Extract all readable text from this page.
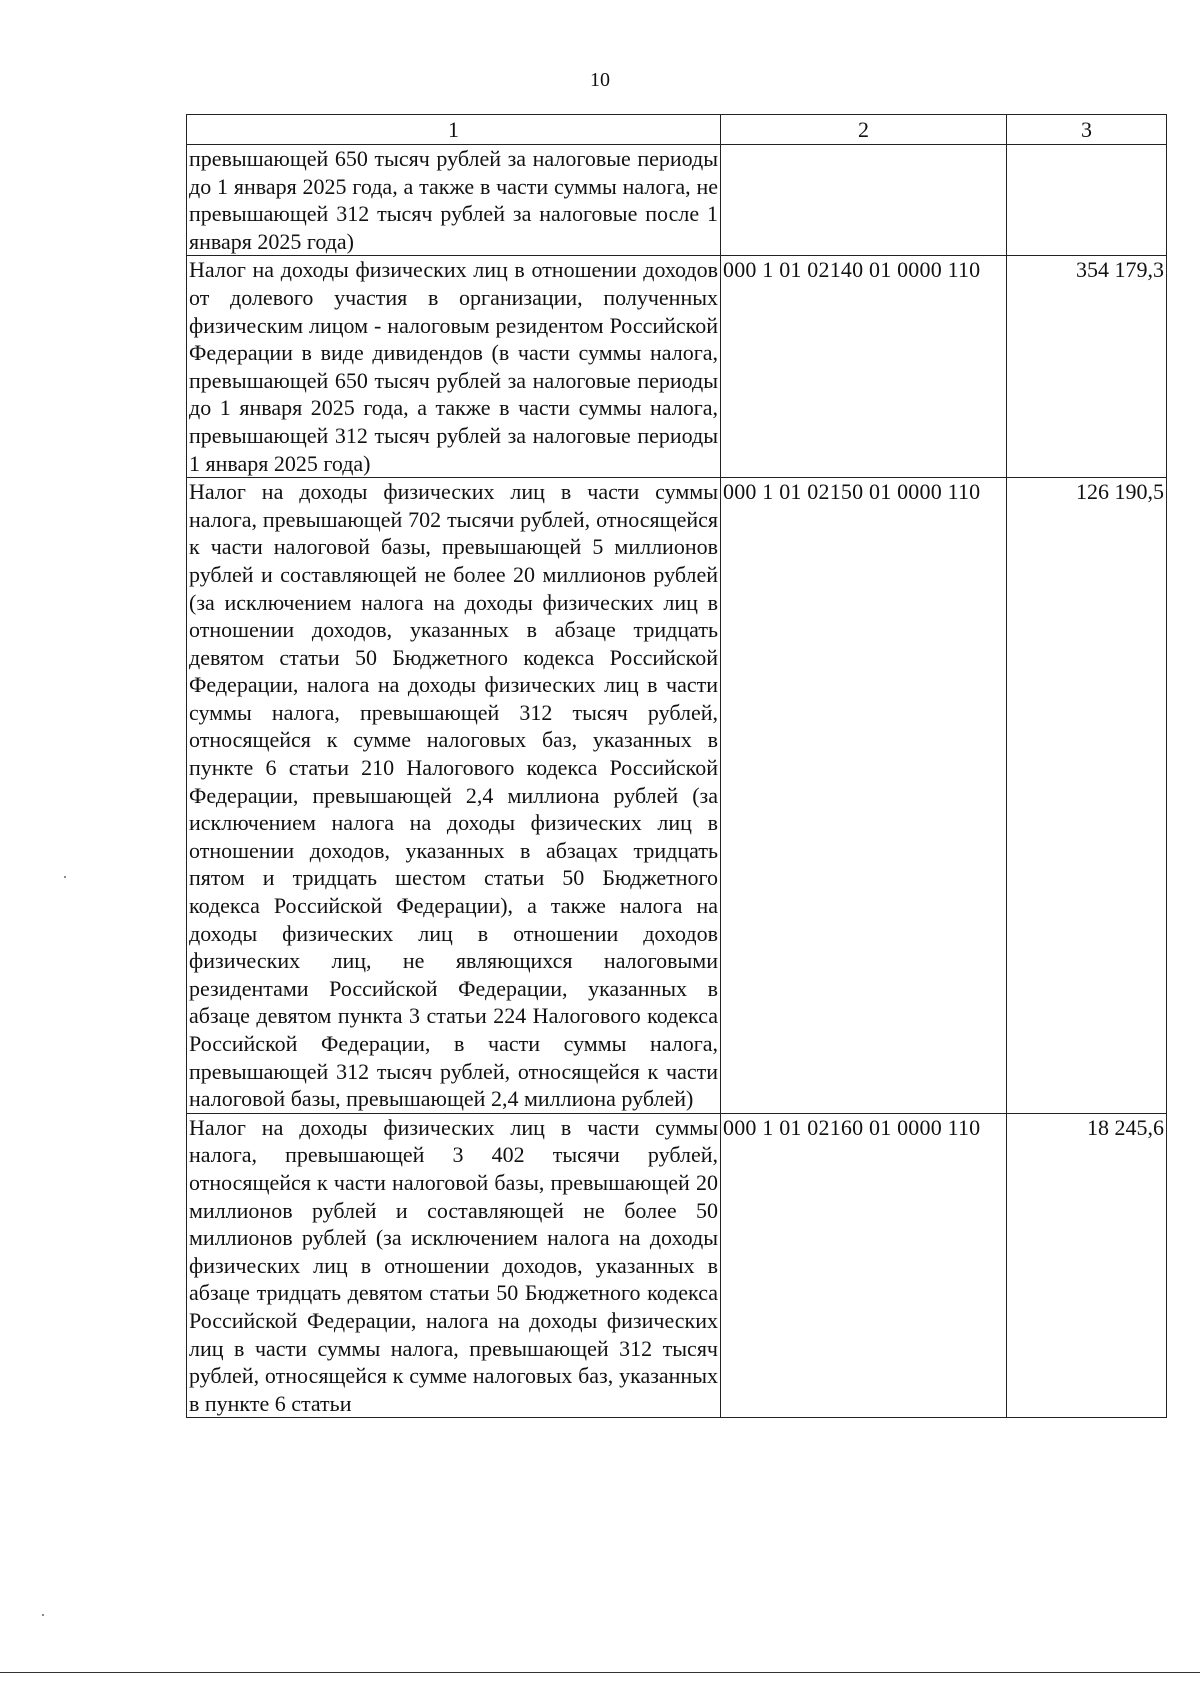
10
1	2	3
превышающей 650 тысяч рублей за налоговые периоды до 1 января 2025 года, а также в части суммы налога, не превышающей 312 тысяч рублей за налоговые после 1 января 2025 года)		
Налог на доходы физических лиц в отношении доходов от долевого участия в организации, полученных физическим лицом - налоговым резидентом Российской Федерации в виде дивидендов (в части суммы налога, превышающей 650 тысяч рублей за налоговые периоды до 1 января 2025 года, а также в части суммы налога, превышающей 312 тысяч рублей за налоговые периоды 1 января 2025 года)	000 1 01 02140 01 0000 110	354 179,3
Налог на доходы физических лиц в части суммы налога, превышающей 702 тысячи рублей, относящейся к части налоговой базы, превышающей 5 миллионов рублей и составляющей не более 20 миллионов рублей (за исключением налога на доходы физических лиц в отношении доходов, указанных в абзаце тридцать девятом статьи 50 Бюджетного кодекса Российской Федерации, налога на доходы физических лиц в части суммы налога, превышающей 312 тысяч рублей, относящейся к сумме налоговых баз, указанных в пункте 6 статьи 210 Налогового кодекса Российской Федерации, превышающей 2,4 миллиона рублей (за исключением налога на доходы физических лиц в отношении доходов, указанных в абзацах тридцать пятом и тридцать шестом статьи 50 Бюджетного кодекса Российской Федерации), а также налога на доходы физических лиц в отношении доходов физических лиц, не являющихся налоговыми резидентами Российской Федерации, указанных в абзаце девятом пункта 3 статьи 224 Налогового кодекса Российской Федерации, в части суммы налога, превышающей 312 тысяч рублей, относящейся к части налоговой базы, превышающей 2,4 миллиона рублей)	000 1 01 02150 01 0000 110	126 190,5
Налог на доходы физических лиц в части суммы налога, превышающей 3 402 тысячи рублей, относящейся к части налоговой базы, превышающей 20 миллионов рублей и составляющей не более 50 миллионов рублей (за исключением налога на доходы физических лиц в отношении доходов, указанных в абзаце тридцать девятом статьи 50 Бюджетного кодекса Российской Федерации, налога на доходы физических лиц в части суммы налога, превышающей 312 тысяч рублей, относящейся к сумме налоговых баз, указанных в пункте 6 статьи	000 1 01 02160 01 0000 110	18 245,6
